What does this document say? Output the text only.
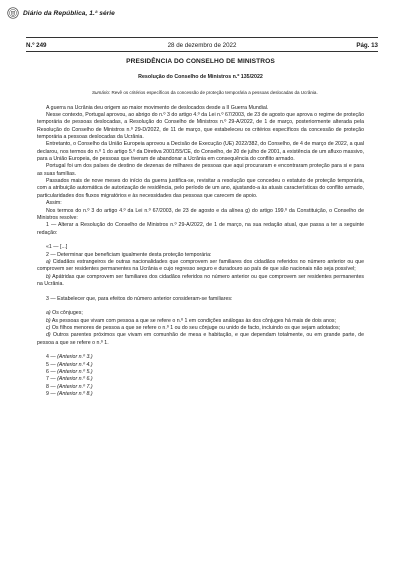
Diário da República, 1.ª série
N.º 249	28 de dezembro de 2022	Pág. 13
PRESIDÊNCIA DO CONSELHO DE MINISTROS
Resolução do Conselho de Ministros n.º 135/2022
Sumário: Revê os critérios específicos da concessão de proteção temporária a pessoas deslocadas da Ucrânia.

A guerra na Ucrânia deu origem ao maior movimento de deslocados desde a II Guerra Mundial.

Nesse contexto, Portugal aprovou, ao abrigo do n.º 3 do artigo 4.º da Lei n.º 67/2003, de 23 de agosto que aprova o regime de proteção temporária de pessoas deslocadas, a Resolução do Conselho de Ministros n.º 29-A/2022, de 1 de março, posteriormente alterada pela Resolução do Conselho de Ministros n.º 29-D/2022, de 11 de março, que estabeleceu os critérios específicos da concessão de proteção temporária a pessoas deslocadas da Ucrânia.

Entretanto, o Conselho da União Europeia aprovou a Decisão de Execução (UE) 2022/382, do Conselho, de 4 de março de 2022, a qual declarou, nos termos do n.º 1 do artigo 5.º da Diretiva 2001/55/CE, do Conselho, de 20 de julho de 2001, a existência de um afluxo massivo, para a União Europeia, de pessoas que tiveram de abandonar a Ucrânia em consequência do conflito armado.

Portugal foi um dos países de destino de dezenas de milhares de pessoas que aqui procuraram e encontraram proteção para si e para as suas famílias.

Passados mais de nove meses do início da guerra justifica-se, revisitar a resolução que concedeu o estatuto de proteção temporária, com a atribuição automática de autorização de residência, pelo período de um ano, ajustando-a às atuais características do conflito armado, particularidades dos fluxos migratórios e às necessidades das pessoas que carecem de apoio.

Assim:

Nos termos do n.º 3 do artigo 4.º da Lei n.º 67/2003, de 23 de agosto e da alínea g) do artigo 199.º da Constituição, o Conselho de Ministros resolve:

1 — Alterar a Resolução do Conselho de Ministros n.º 29-A/2022, de 1 de março, na sua redação atual, que passa a ter a seguinte redação:

«1 — [...]

2 — Determinar que beneficiam igualmente desta proteção temporária:

a) Cidadãos estrangeiros de outras nacionalidades que comprovem ser familiares dos cidadãos referidos no número anterior ou que comprovem ser residentes permanentes na Ucrânia e cujo regresso seguro e duradouro ao país de que são nacionais não seja possível;

b) Apátridas que comprovem ser familiares dos cidadãos referidos no número anterior ou que comprovem ser residentes permanentes na Ucrânia.

3 — Estabelecer que, para efeitos do número anterior consideram-se familiares:

a) Os cônjuges;

b) As pessoas que vivam com pessoa a que se refere o n.º 1 em condições análogas às dos cônjuges há mais de dois anos;

c) Os filhos menores de pessoa a que se refere o n.º 1 ou do seu cônjuge ou unido de facto, incluindo os que sejam adotados;

d) Outros parentes próximos que vivam em comunhão de mesa e habitação, e que dependam totalmente, ou em grande parte, de pessoa a que se refere o n.º 1.

4 — (Anterior n.º 3.)

5 — (Anterior n.º 4.)

6 — (Anterior n.º 5.)

7 — (Anterior n.º 6.)

8 — (Anterior n.º 7.)

9 — (Anterior n.º 8.)
